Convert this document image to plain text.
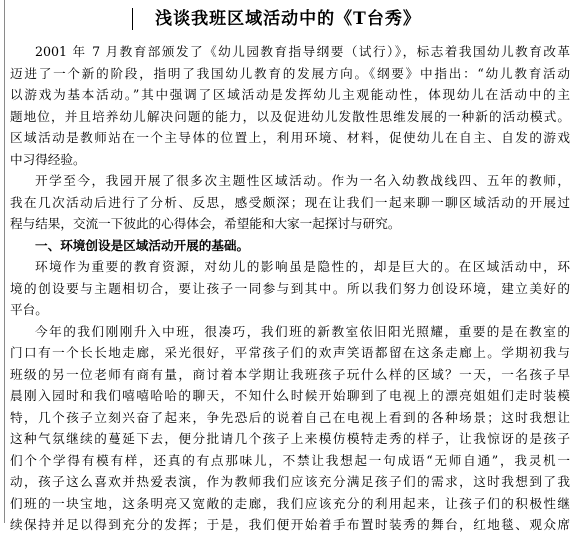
浅谈我班区域活动中的《T台秀》
2001 年 7 月教育部颁发了《幼儿园教育指导纲要（试行）》，标志着我国幼儿教育改革
迈进了一个新的阶段，指明了我国幼儿教育的发展方向。《纲要》中指出：“幼儿教育活动
以游戏为基本活动。”其中强调了区域活动是发挥幼儿主观能动性，体现幼儿在活动中的主
题地位，并且培养幼儿解决问题的能力，以及促进幼儿发散性思维发展的一种新的活动模式。
区域活动是教师站在一个主导体的位置上，利用环境、材料，促使幼儿在自主、自发的游戏
中习得经验。
开学至今，我园开展了很多次主题性区域活动。作为一名入幼教战线四、五年的教师，
我在几次活动后进行了分析、反思，感受颇深；现在让我们一起来聊一聊区域活动的开展过
程与结果，交流一下彼此的心得体会，希望能和大家一起探讨与研究。
一、环境创设是区域活动开展的基础。
环境作为重要的教育资源，对幼儿的影响虽是隐性的，却是巨大的。在区域活动中，环
境的创设要与主题相切合，要让孩子一同参与到其中。所以我们努力创设环境，建立美好的
平台。
今年的我们刚刚升入中班，很凑巧，我们班的新教室依旧阳光照耀，重要的是在教室的
门口有一个长长地走廊，采光很好，平常孩子们的欢声笑语都留在这条走廊上。学期初我与
班级的另一位老师有商有量，商讨着本学期让我班孩子玩什么样的区域？一天，一名孩子早
晨刚入园时和我们嘻嘻哈哈的聊天，不知什么时候开始聊到了电视上的漂亮姐姐们走时装模
特，几个孩子立刻兴奋了起来，争先恐后的说着自己在电视上看到的各种场景；这时我想让
这种气氛继续的蔓延下去，便分批请几个孩子上来模仿模特走秀的样子，让我惊讶的是孩子
们个个学得有模有样，还真的有点那味儿，不禁让我想起一句成语“无师自通”，我灵机一
动，孩子这么喜欢并热爱表演，作为教师我们应该充分满足孩子们的需求，这时我想到了我
们班的一块宝地，这条明亮又宽敞的走廊，我们应该充分的利用起来，让孩子们的积极性继
续保持并足以得到充分的发挥；于是，我们便开始着手布置时装秀的舞台，红地毯、观众席
